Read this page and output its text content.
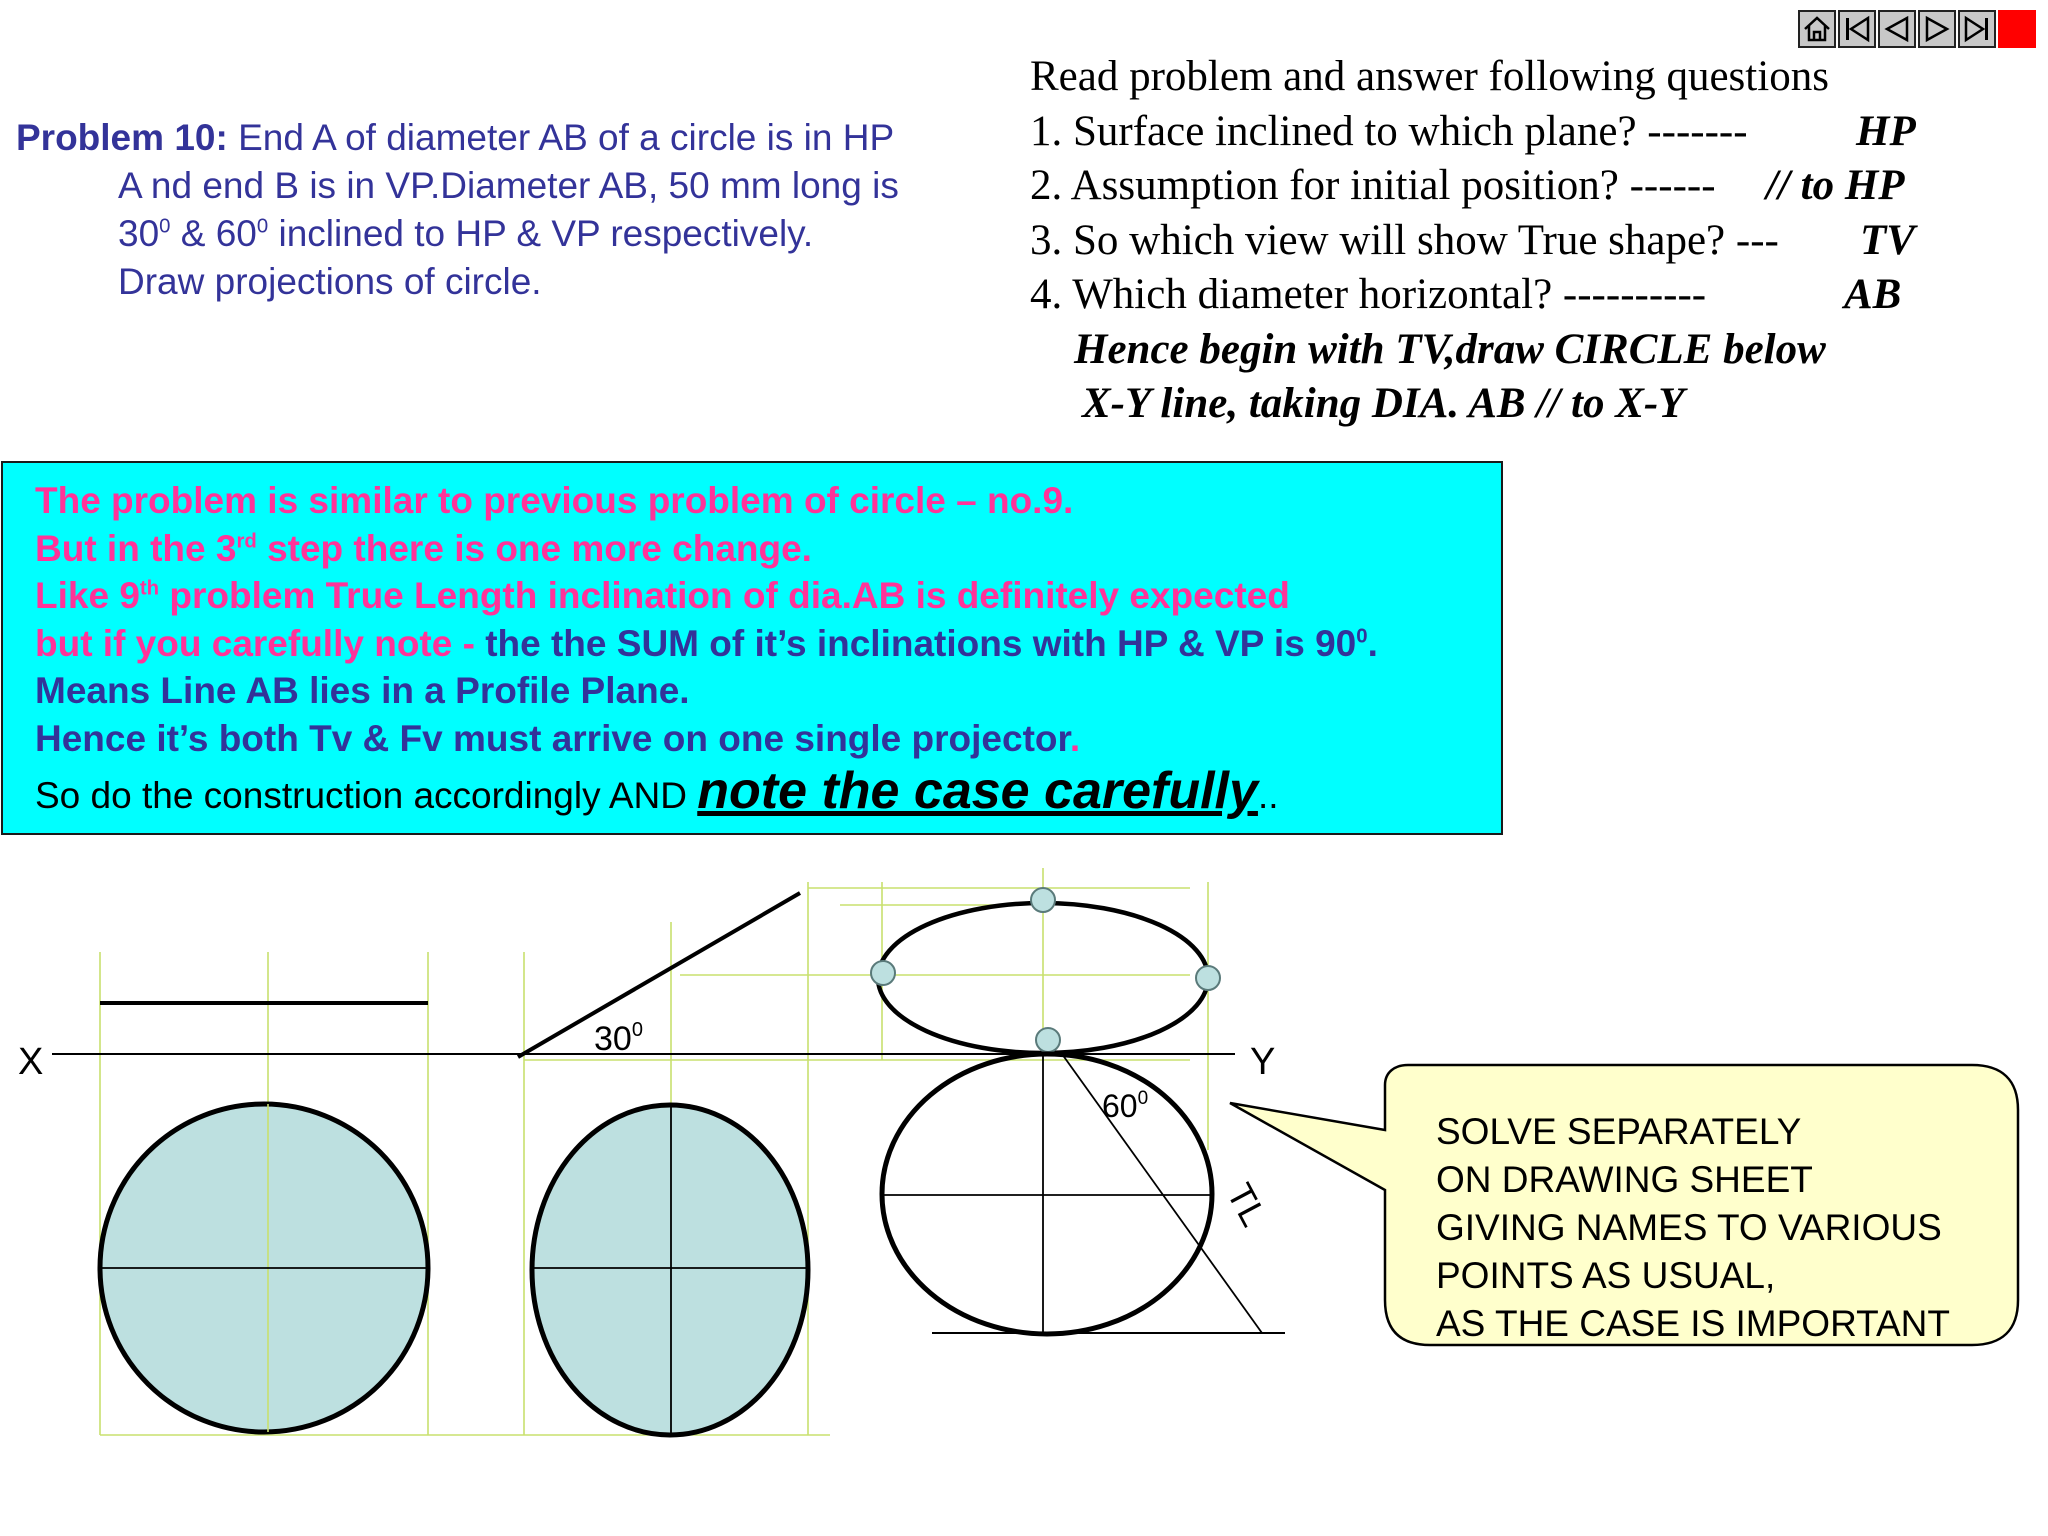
Problem 10: End A of diameter AB of a circle is in HP
A nd end B is in VP.Diameter AB, 50 mm long is
$30^0$ & $60^0$ inclined to HP & VP respectively.
Draw projections of circle.
Read problem and answer following questions
1. Surface inclined to which plane? -------	HP
2. Assumption for initial position? ------ // to HP
3. So which view will show True shape? --- TV
4. Which diameter horizontal? ----------	AB
Hence begin with TV,draw CIRCLE below
X-Y line, taking DIA. AB // to X-Y
The problem is similar to previous problem of circle – no.9.
But in the 3rd step there is one more change.
Like 9th problem True Length inclination of dia.AB is definitely expected
but if you carefully note - the the SUM of it’s inclinations with HP & VP is $90^0$.
Means Line AB lies in a Profile Plane.
Hence it’s both Tv & Fv must arrive on one single projector.
So do the construction accordingly AND note the case carefully..
X	Y
$30^0$
$60^0$
TL
SOLVE SEPARATELY
ON DRAWING SHEET
GIVING NAMES TO VARIOUS
POINTS AS USUAL,
AS THE CASE IS IMPORTANT
